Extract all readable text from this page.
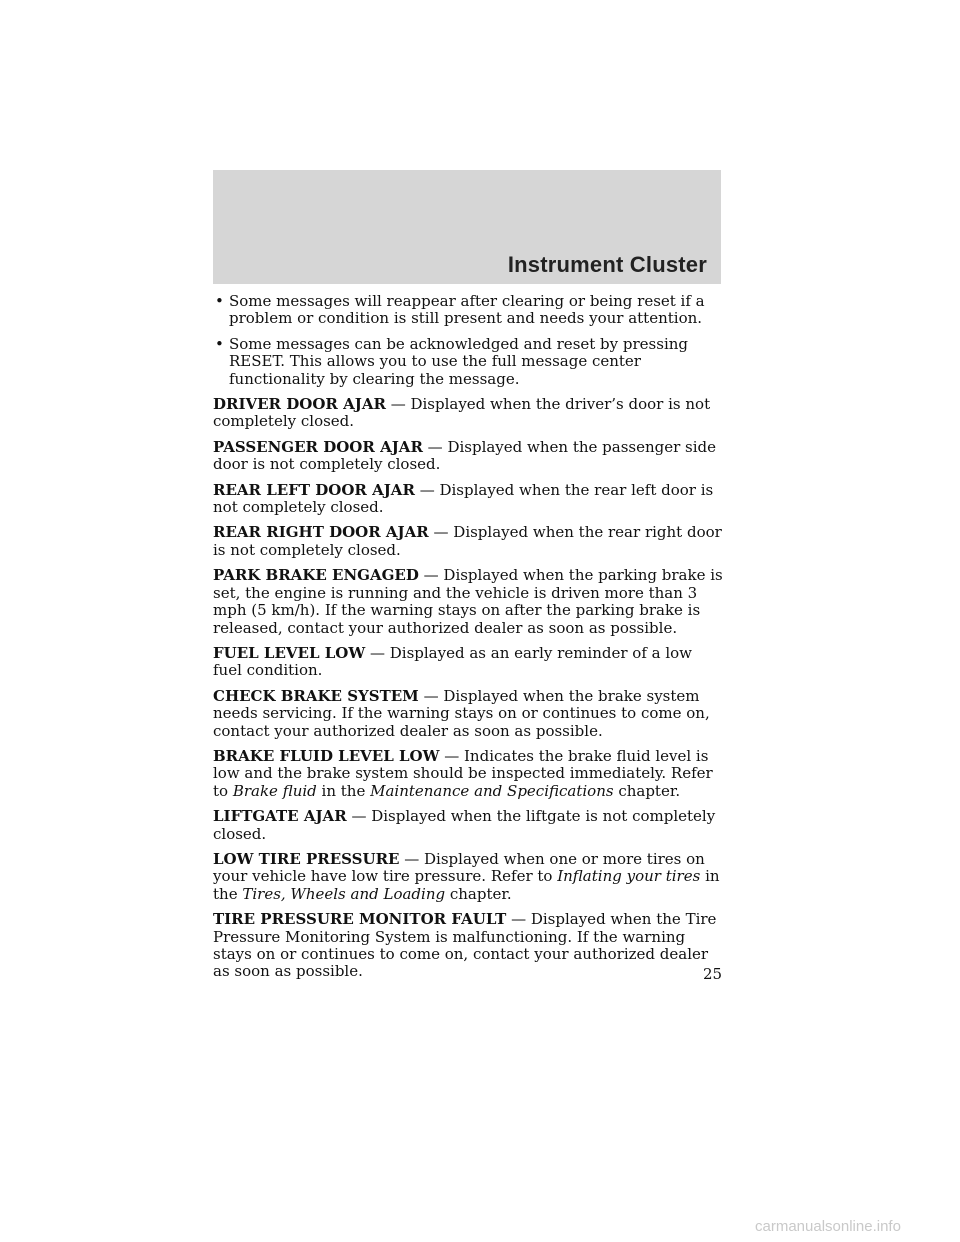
Instrument Cluster
• Some messages will reappear after clearing or being reset if a problem or condition is still present and needs your attention.
• Some messages can be acknowledged and reset by pressing RESET. This allows you to use the full message center functionality by clearing the message.

DRIVER DOOR AJAR — Displayed when the driver’s door is not completely closed.

PASSENGER DOOR AJAR — Displayed when the passenger side door is not completely closed.

REAR LEFT DOOR AJAR — Displayed when the rear left door is not completely closed.

REAR RIGHT DOOR AJAR — Displayed when the rear right door is not completely closed.

PARK BRAKE ENGAGED — Displayed when the parking brake is set, the engine is running and the vehicle is driven more than 3 mph (5 km/h). If the warning stays on after the parking brake is released, contact your authorized dealer as soon as possible.

FUEL LEVEL LOW — Displayed as an early reminder of a low fuel condition.

CHECK BRAKE SYSTEM — Displayed when the brake system needs servicing. If the warning stays on or continues to come on, contact your authorized dealer as soon as possible.

BRAKE FLUID LEVEL LOW — Indicates the brake fluid level is low and the brake system should be inspected immediately. Refer to Brake fluid in the Maintenance and Specifications chapter.

LIFTGATE AJAR — Displayed when the liftgate is not completely closed.

LOW TIRE PRESSURE — Displayed when one or more tires on your vehicle have low tire pressure. Refer to Inflating your tires in the Tires, Wheels and Loading chapter.

TIRE PRESSURE MONITOR FAULT — Displayed when the Tire Pressure Monitoring System is malfunctioning. If the warning stays on or continues to come on, contact your authorized dealer as soon as possible.	25
carmanualsonline.info
